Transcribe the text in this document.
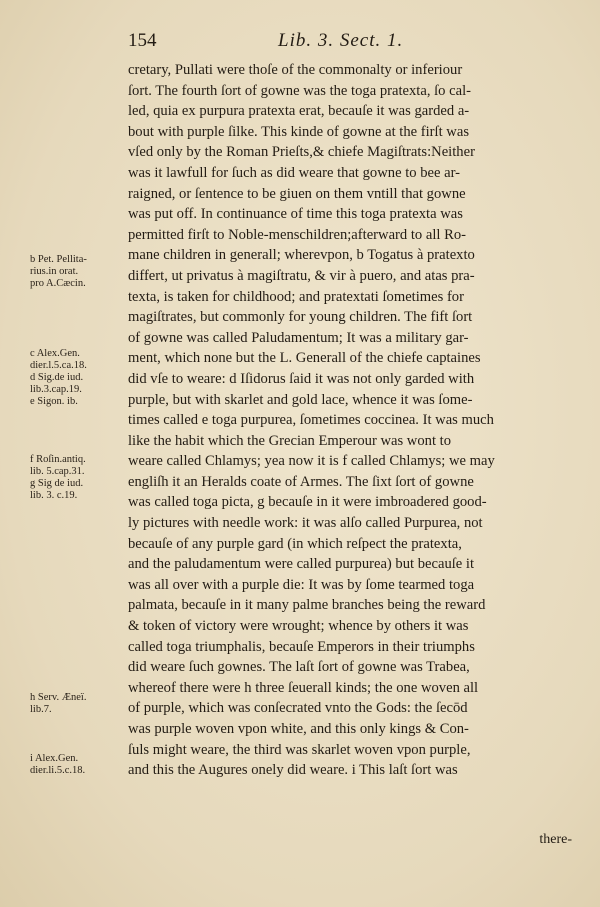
154	Lib. 3. Sect. 1.
cretary, Pullati were thoſe of the commonalty or inferiour
ſort. The fourth ſort of gowne was the toga pratexta, ſo cal-
led, quia ex purpura pratexta erat, becauſe it was garded a-
bout with purple ſilke. This kinde of gowne at the firſt was
vſed only by the Roman Prieſts,& chiefe Magiſtrats:Neither
was it lawfull for ſuch as did weare that gowne to bee ar-
raigned, or ſentence to be giuen on them vntill that gowne
was put off. In continuance of time this toga pratexta was
permitted firſt to Noble-menschildren;afterward to all Ro-
mane children in generall; wherevpon, b Togatus à pratexto
differt, ut privatus à magiſtratu, & vir à puero, and atas pra-
texta, is taken for childhood; and pratextati ſometimes for
magiſtrates, but commonly for young children. The fift ſort
of gowne was called Paludamentum; It was a military gar-
ment, which none but the L. Generall of the chiefe captaines
did vſe to weare: d Iſidorus ſaid it was not only garded with
purple, but with skarlet and gold lace, whence it was ſome-
times called e toga purpurea, ſometimes coccinea. It was much
like the habit which the Grecian Emperour was wont to
weare called Chlamys; yea now it is f called Chlamys; we may
engliſh it an Heralds coate of Armes. The ſixt ſort of gowne
was called toga picta, g becauſe in it were imbroadered good-
ly pictures with needle work: it was alſo called Purpurea, not
becauſe of any purple gard (in which reſpect the pratexta,
and the paludamentum were called purpurea) but becauſe it
was all over with a purple die: It was by ſome tearmed toga
palmata, becauſe in it many palme branches being the reward
& token of victory were wrought; whence by others it was
called toga triumphalis, becauſe Emperors in their triumphs
did weare ſuch gownes. The laſt ſort of gowne was Trabea,
whereof there were h three ſeuerall kinds; the one woven all
of purple, which was conſecrated vnto the Gods: the ſecōd
was purple woven vpon white, and this only kings & Con-
ſuls might weare, the third was skarlet woven vpon purple,
and this the Augures onely did weare. i This laſt ſort was
b Pet. Pellita-
rius.in orat.
pro A.Cæcin.
c Alex.Gen.
dier.l.5.ca.18.
d Sig.de iud.
lib.3.cap.19.
e Sigon. ib.
f Roſin.antiq.
lib. 5.cap.31.
g Sig de iud.
lib. 3. c.19.
h Serv. Æneï.
lib.7.
i Alex.Gen.
dier.li.5.c.18.
there-
